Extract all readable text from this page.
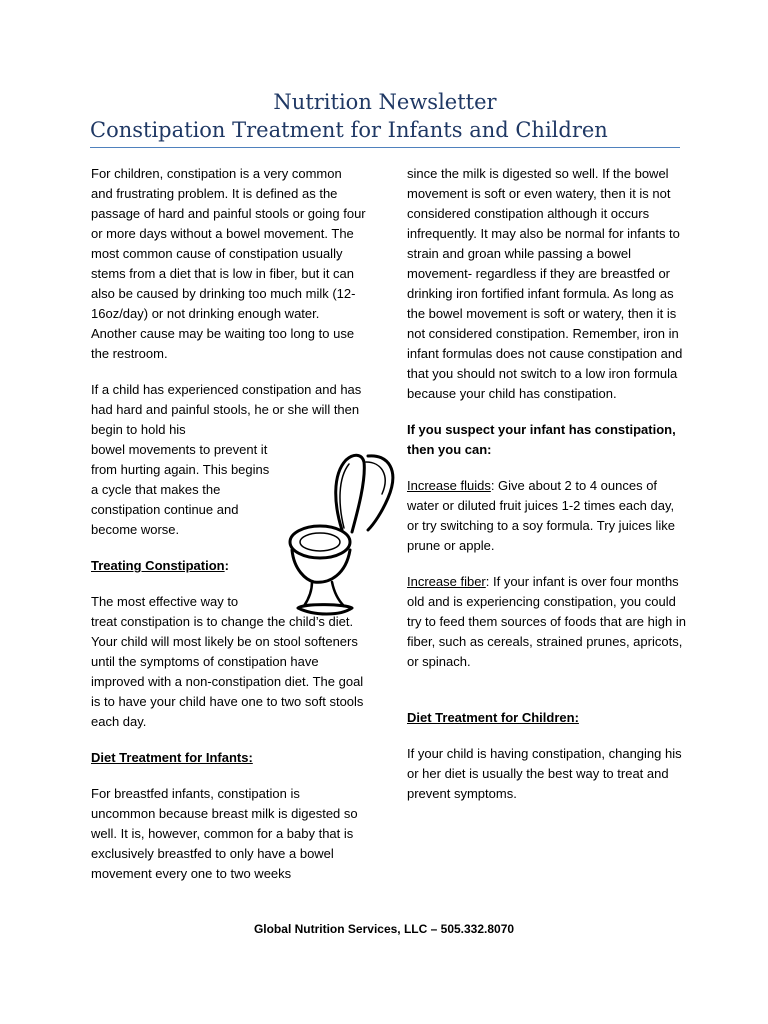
Nutrition Newsletter
Constipation Treatment for Infants and Children

For children, constipation is a very common and frustrating problem. It is defined as the passage of hard and painful stools or going four or more days without a bowel movement. The most common cause of constipation usually stems from a diet that is low in fiber, but it can also be caused by drinking too much milk (12-16oz/day) or not drinking enough water. Another cause may be waiting too long to use the restroom.

If a child has experienced constipation and has had hard and painful stools, he or she will then begin to hold his
bowel movements to prevent it from hurting again. This begins a cycle that makes the constipation continue and become worse.

Treating Constipation:

The most effective way to
treat constipation is to change the child’s diet. Your child will most likely be on stool softeners until the symptoms of constipation have improved with a non-constipation diet. The goal is to have your child have one to two soft stools each day.

Diet Treatment for Infants:

For breastfed infants, constipation is uncommon because breast milk is digested so well. It is, however, common for a baby that is exclusively breastfed to only have a bowel movement every one to two weeks

since the milk is digested so well. If the bowel movement is soft or even watery, then it is not considered constipation although it occurs infrequently. It may also be normal for infants to strain and groan while passing a bowel movement- regardless if they are breastfed or drinking iron fortified infant formula. As long as the bowel movement is soft or watery, then it is not considered constipation. Remember, iron in infant formulas does not cause constipation and that you should not switch to a low iron formula because your child has constipation.

If you suspect your infant has constipation, then you can:

Increase fluids: Give about 2 to 4 ounces of water or diluted fruit juices 1-2 times each day, or try switching to a soy formula. Try juices like prune or apple.

Increase fiber: If your infant is over four months old and is experiencing constipation, you could try to feed them sources of foods that are high in fiber, such as cereals, strained prunes, apricots, or spinach.

Diet Treatment for Children:

If your child is having constipation, changing his or her diet is usually the best way to treat and prevent symptoms.

Global Nutrition Services, LLC – 505.332.8070
